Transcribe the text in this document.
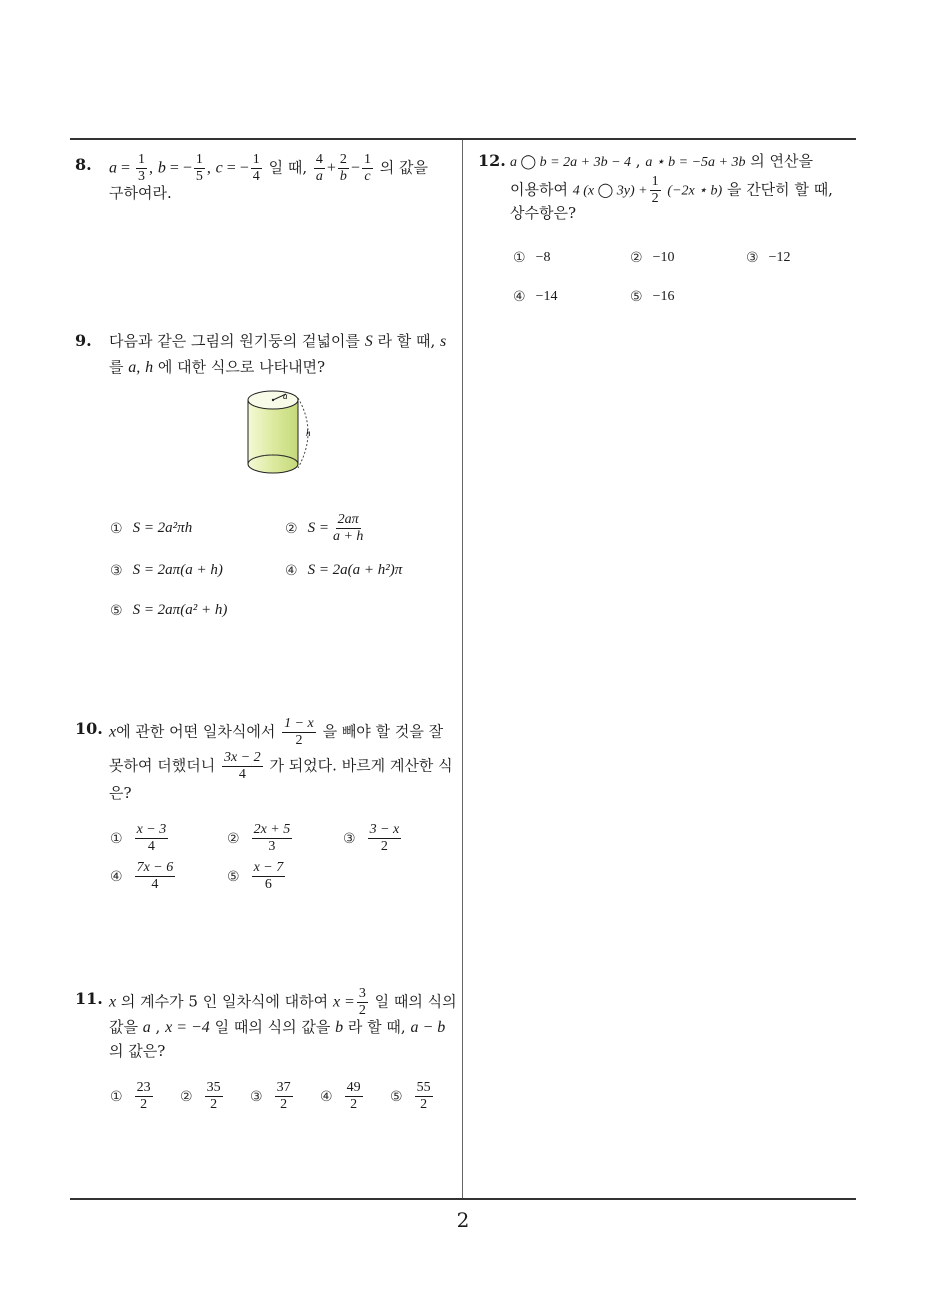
2
8. $a = \frac{1}{3}$ , b = − $\frac{1}{5}$ , c = − $\frac{1}{4}$ 일 때, $\frac{4}{a} + \frac{2}{b} - \frac{1}{c}$ 의 값을
구하여라.
9. 다음과 같은 그림의 원기둥의 겉넓이를 S 라 할 때, s
를 a, h 에 대한 식으로 나타내면?
a
h
① S = 2a²πh	② $S = \frac{2a\pi}{a + h}$
③ S = 2aπ(a + h)	④ S = 2a(a + h²)π
⑤ S = 2aπ(a² + h)
10. x에 관한 어떤 일차식에서 $\frac{1 - x}{2}$ 을 빼야 할 것을 잘
못하여 더했더니 $\frac{3x - 2}{4}$ 가 되었다. 바르게 계산한 식
은?
① $\frac{x - 3}{4}$	② $\frac{2x + 5}{3}$	③ $\frac{3 - x}{2}$
④ $\frac{7x - 6}{4}$	⑤ $\frac{x - 7}{6}$
11. x 의 계수가 5 인 일차식에 대하여 $x = \frac{3}{2}$ 일 때의 식의
값을 a , x = −4 일 때의 식의 값을 b 라 할 때, a − b
의 값은?
① $\frac{23}{2}$ ② $\frac{35}{2}$ ③ $\frac{37}{2}$ ④ $\frac{49}{2}$ ⑤ $\frac{55}{2}$
12. a ◯ b = 2a + 3b − 4 , a ⋆ b = −5a + 3b 의 연산을
이용하여 4 (x ◯ $3y) + \frac{1}{2} (-2x$ ⋆ b) 을 간단히 할 때,
상수항은?
① −8	② −10	③ −12
④ −14	⑤ −16
